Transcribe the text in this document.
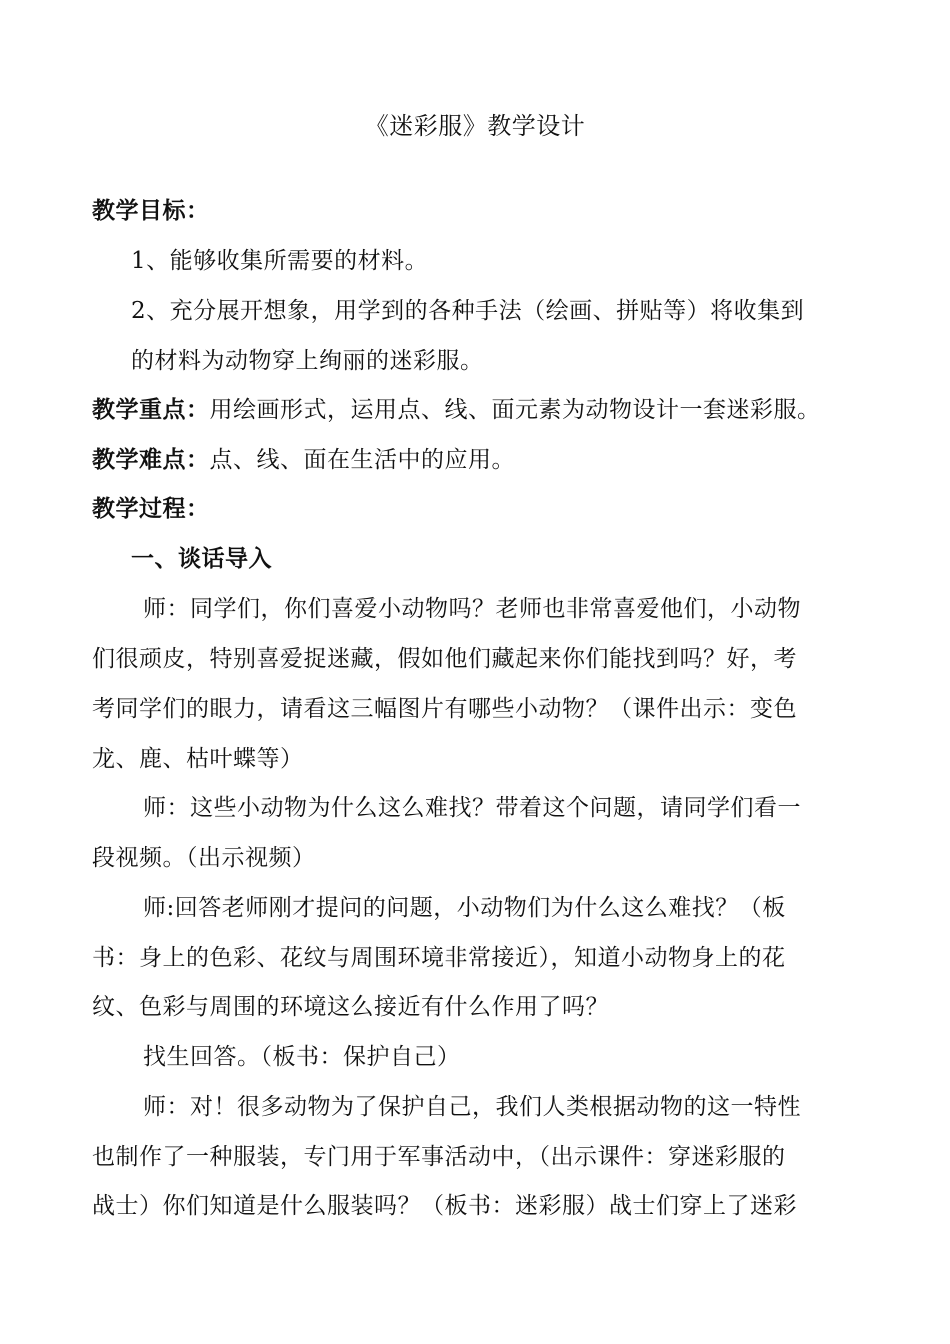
《迷彩服》教学设计
教学目标：
1、能够收集所需要的材料。
2、充分展开想象，用学到的各种手法（绘画、拼贴等）将收集到
的材料为动物穿上绚丽的迷彩服。
教学重点：用绘画形式，运用点、线、面元素为动物设计一套迷彩服。
教学难点：点、线、面在生活中的应用。
教学过程：
一、谈话导入
师：同学们，你们喜爱小动物吗？老师也非常喜爱他们，小动物
们很顽皮，特别喜爱捉迷藏，假如他们藏起来你们能找到吗？好，考
考同学们的眼力，请看这三幅图片有哪些小动物？（课件出示：变色
龙、鹿、枯叶蝶等）
师：这些小动物为什么这么难找？带着这个问题，请同学们看一
段视频。（出示视频）
师:回答老师刚才提问的问题，小动物们为什么这么难找？（板
书：身上的色彩、花纹与周围环境非常接近），知道小动物身上的花
纹、色彩与周围的环境这么接近有什么作用了吗？
找生回答。（板书：保护自己）
师：对！很多动物为了保护自己，我们人类根据动物的这一特性
也制作了一种服装，专门用于军事活动中，（出示课件：穿迷彩服的
战士）你们知道是什么服装吗？（板书：迷彩服）战士们穿上了迷彩
